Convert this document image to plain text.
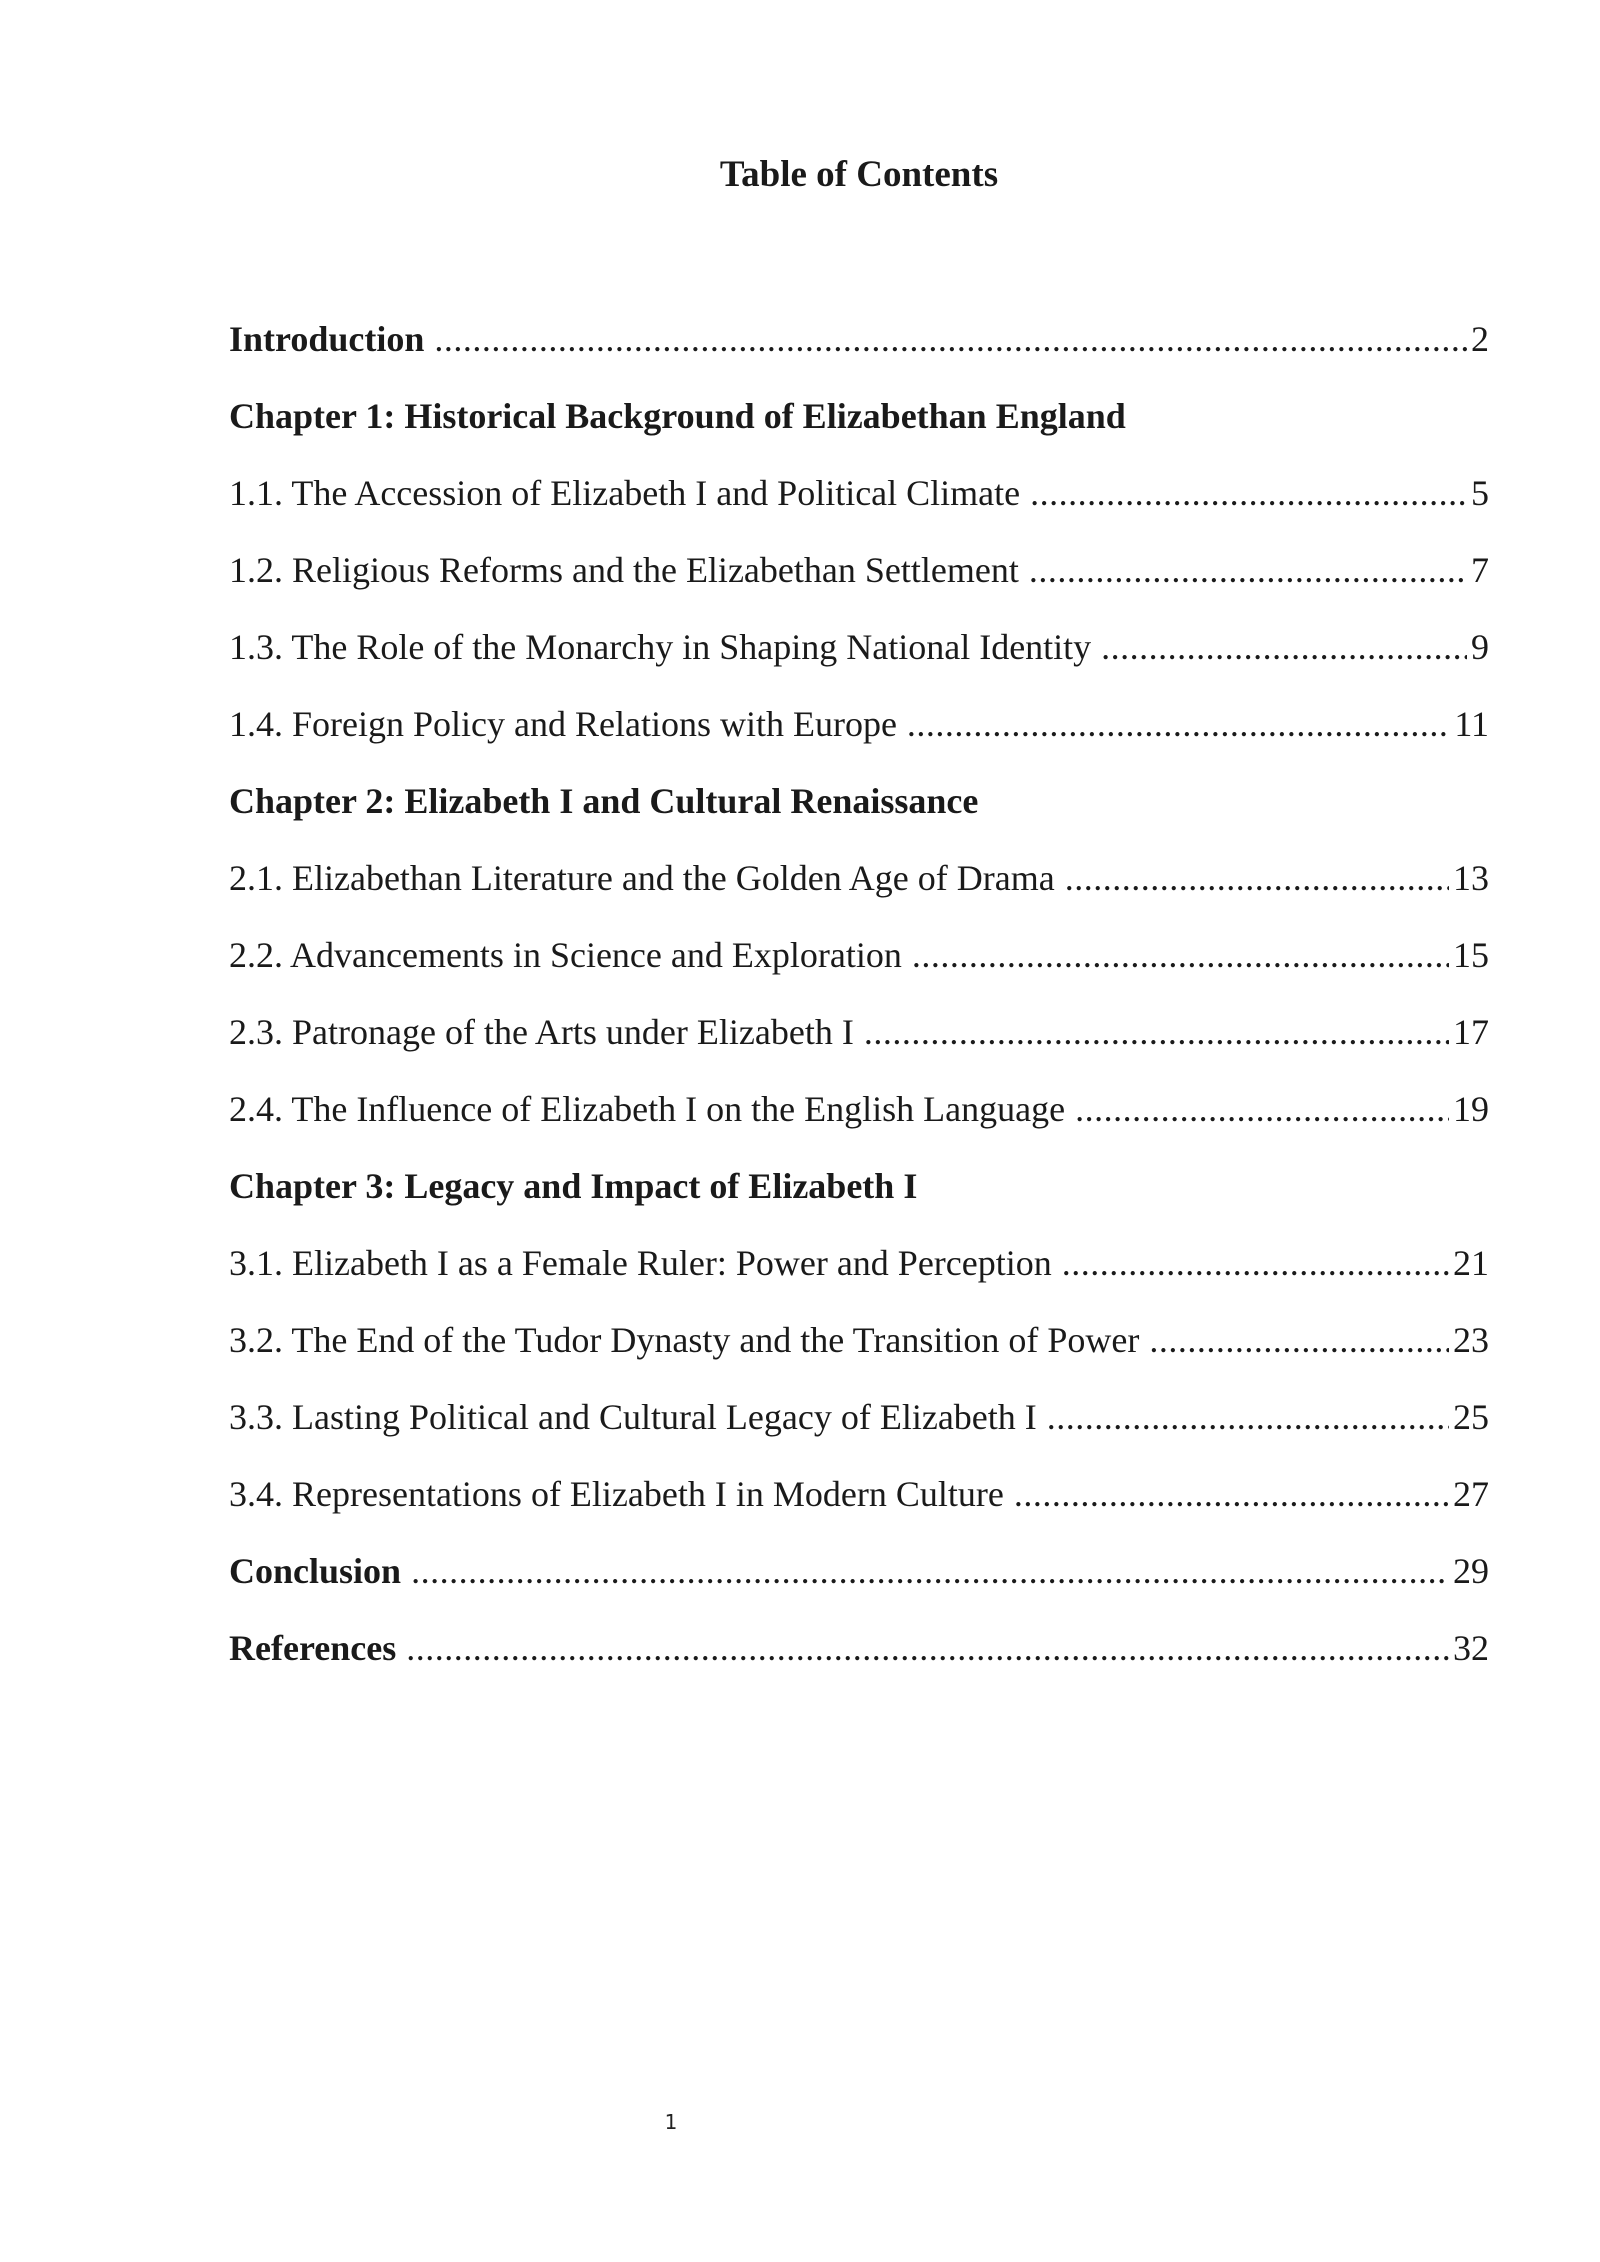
Table of Contents
Introduction .....	2
Chapter 1: Historical Background of Elizabethan England
1.1. The Accession of Elizabeth I and Political Climate .....	5
1.2. Religious Reforms and the Elizabethan Settlement .....	7
1.3. The Role of the Monarchy in Shaping National Identity .....	9
1.4. Foreign Policy and Relations with Europe .....	11
Chapter 2: Elizabeth I and Cultural Renaissance
2.1. Elizabethan Literature and the Golden Age of Drama .....	13
2.2. Advancements in Science and Exploration .....	15
2.3. Patronage of the Arts under Elizabeth I .....	17
2.4. The Influence of Elizabeth I on the English Language .....	19
Chapter 3: Legacy and Impact of Elizabeth I
3.1. Elizabeth I as a Female Ruler: Power and Perception .....	21
3.2. The End of the Tudor Dynasty and the Transition of Power .....	23
3.3. Lasting Political and Cultural Legacy of Elizabeth I .....	25
3.4. Representations of Elizabeth I in Modern Culture .....	27
Conclusion .....	29
References .....	32
1
